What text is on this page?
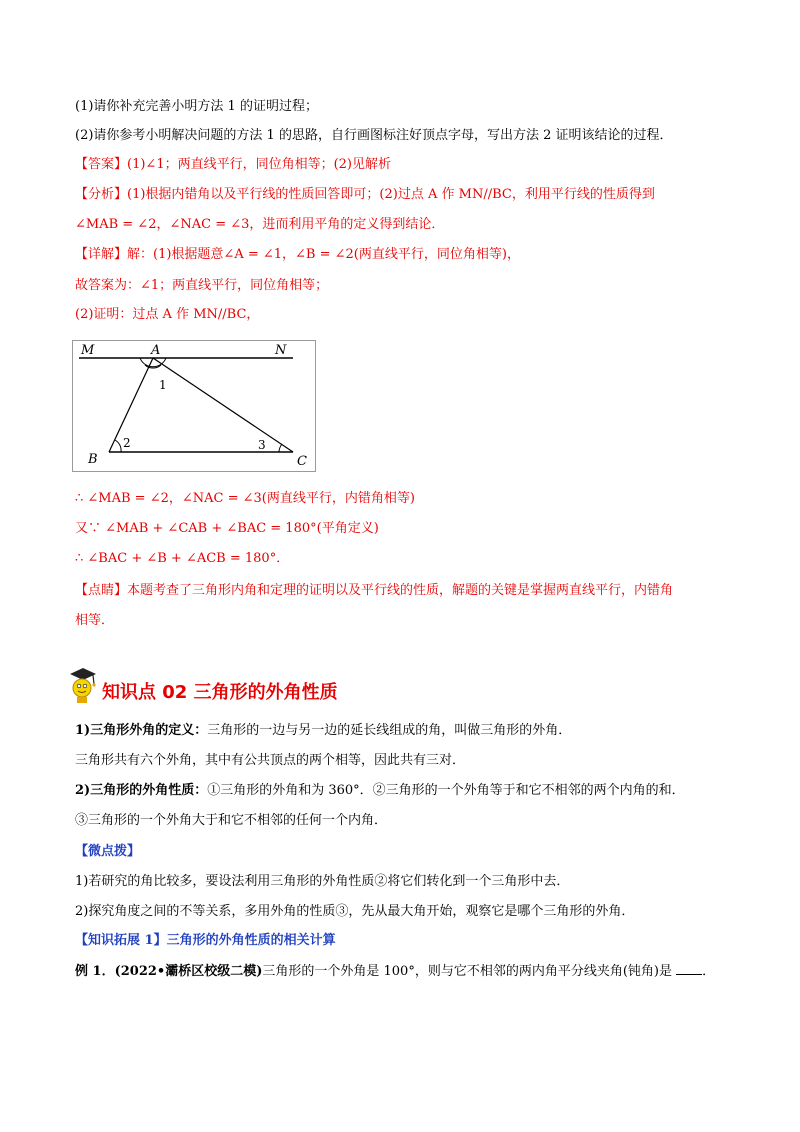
(1)请你补充完善小明方法 1 的证明过程；
(2)请你参考小明解决问题的方法 1 的思路，自行画图标注好顶点字母，写出方法 2 证明该结论的过程．
【答案】(1)∠1；两直线平行，同位角相等；(2)见解析
【分析】(1)根据内错角以及平行线的性质回答即可；(2)过点 A 作 MN//BC，利用平行线的性质得到
∠MAB = ∠2，∠NAC = ∠3，进而利用平角的定义得到结论．
【详解】解：(1)根据题意∠A = ∠1，∠B = ∠2(两直线平行，同位角相等)，
故答案为：∠1；两直线平行，同位角相等；
(2)证明：过点 A 作 MN//BC，
M	A	N
B	C
1
2	3
∴ ∠MAB = ∠2，∠NAC = ∠3(两直线平行，内错角相等)
又∵ ∠MAB + ∠CAB + ∠BAC = 180°(平角定义)
∴ ∠BAC + ∠B + ∠ACB = 180°．
【点睛】本题考查了三角形内角和定理的证明以及平行线的性质，解题的关键是掌握两直线平行，内错角
相等．
知识点 02 三角形的外角性质
1)三角形外角的定义：三角形的一边与另一边的延长线组成的角，叫做三角形的外角．
三角形共有六个外角，其中有公共顶点的两个相等，因此共有三对．
2)三角形的外角性质：①三角形的外角和为 360°．②三角形的一个外角等于和它不相邻的两个内角的和．
③三角形的一个外角大于和它不相邻的任何一个内角．
【微点拨】
1)若研究的角比较多，要设法利用三角形的外角性质②将它们转化到一个三角形中去．
2)探究角度之间的不等关系，多用外角的性质③，先从最大角开始，观察它是哪个三角形的外角．
【知识拓展 1】三角形的外角性质的相关计算
例 1．(2022•灞桥区校级二模)三角形的一个外角是 100°，则与它不相邻的两内角平分线夹角(钝角)是 ．
